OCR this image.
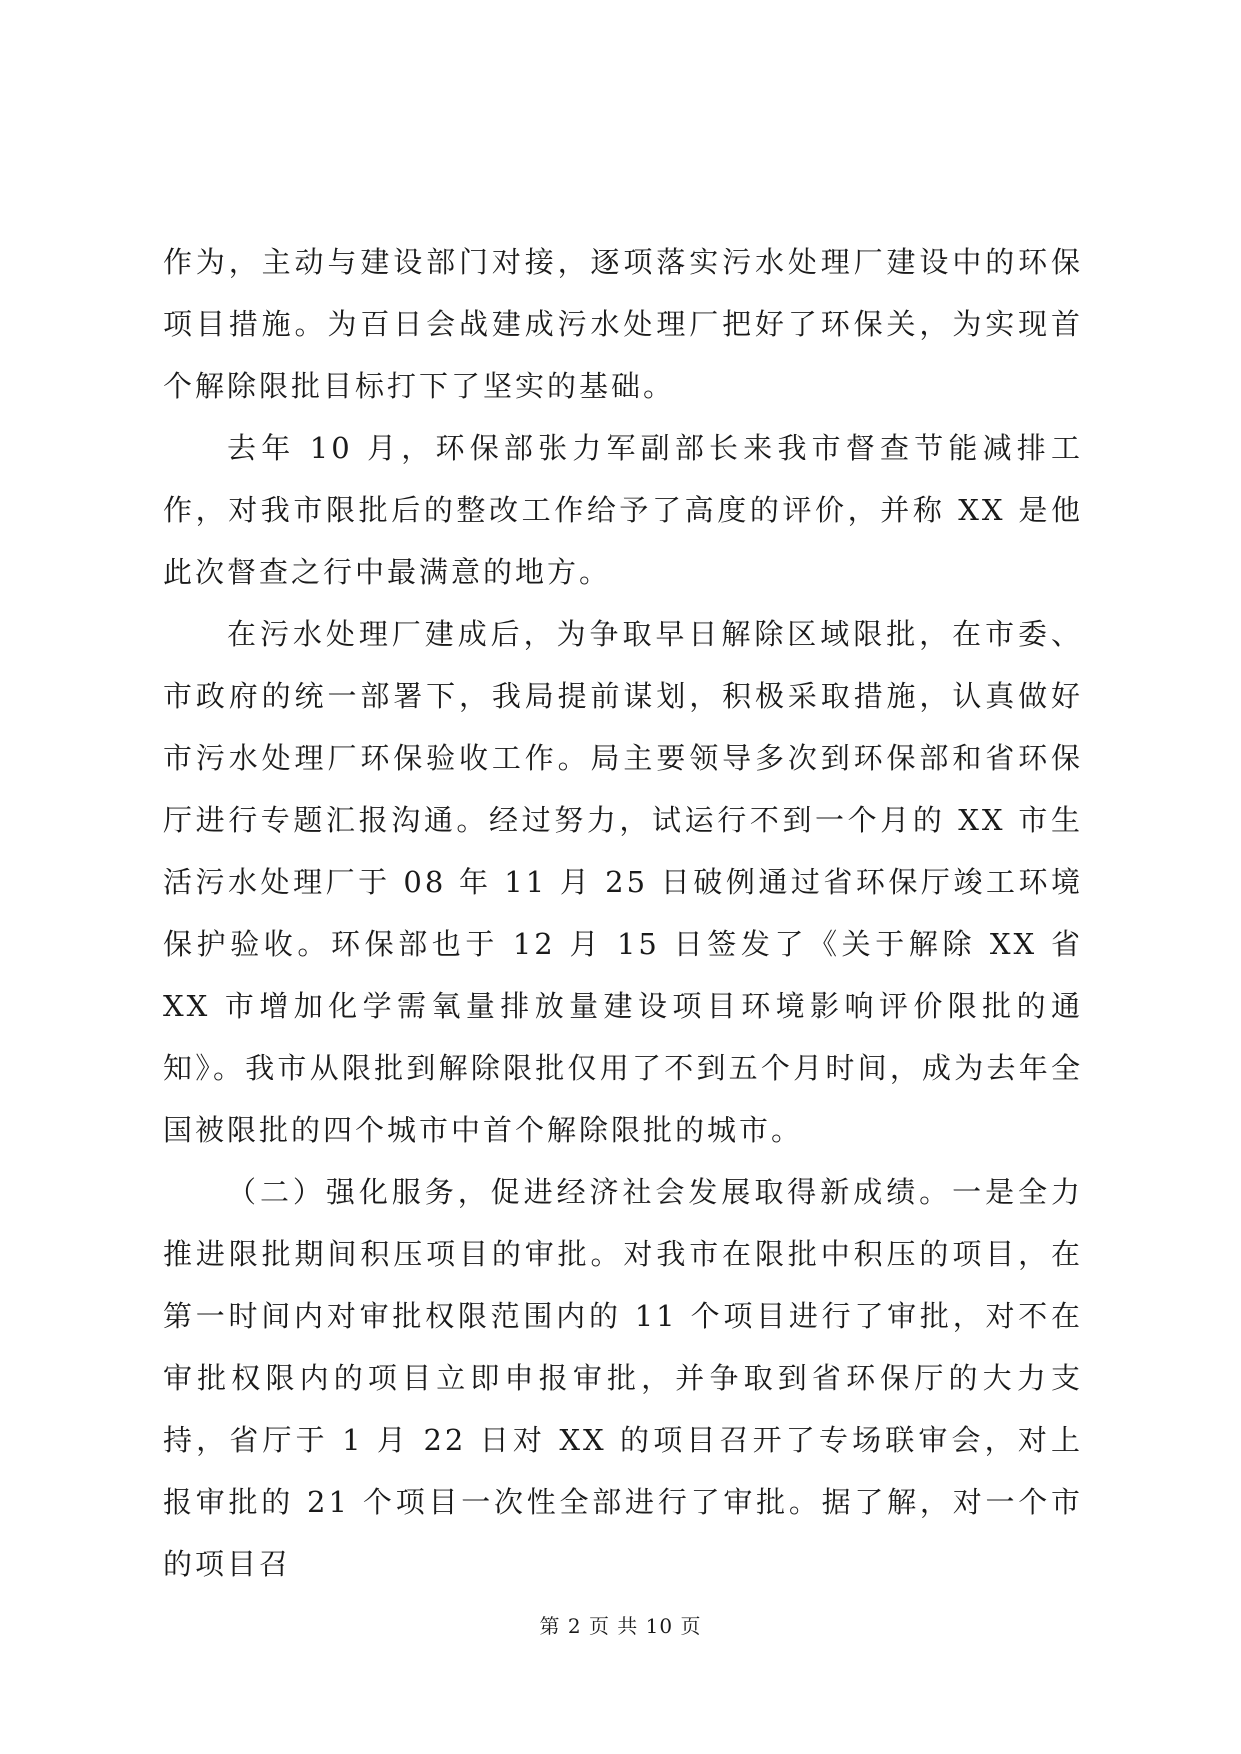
作为，主动与建设部门对接，逐项落实污水处理厂建设中的环保项目措施。为百日会战建成污水处理厂把好了环保关，为实现首个解除限批目标打下了坚实的基础。

去年 10 月，环保部张力军副部长来我市督查节能减排工作，对我市限批后的整改工作给予了高度的评价，并称 XX 是他此次督查之行中最满意的地方。

在污水处理厂建成后，为争取早日解除区域限批，在市委、市政府的统一部署下，我局提前谋划，积极采取措施，认真做好市污水处理厂环保验收工作。局主要领导多次到环保部和省环保厅进行专题汇报沟通。经过努力，试运行不到一个月的 XX 市生活污水处理厂于 08 年 11 月 25 日破例通过省环保厅竣工环境保护验收。环保部也于 12 月 15 日签发了《关于解除 XX 省 XX 市增加化学需氧量排放量建设项目环境影响评价限批的通知》。我市从限批到解除限批仅用了不到五个月时间，成为去年全国被限批的四个城市中首个解除限批的城市。

（二）强化服务，促进经济社会发展取得新成绩。一是全力推进限批期间积压项目的审批。对我市在限批中积压的项目，在第一时间内对审批权限范围内的 11 个项目进行了审批，对不在审批权限内的项目立即申报审批，并争取到省环保厅的大力支持，省厅于 1 月 22 日对 XX 的项目召开了专场联审会，对上报审批的 21 个项目一次性全部进行了审批。据了解，对一个市的项目召

第 2 页 共 10 页
